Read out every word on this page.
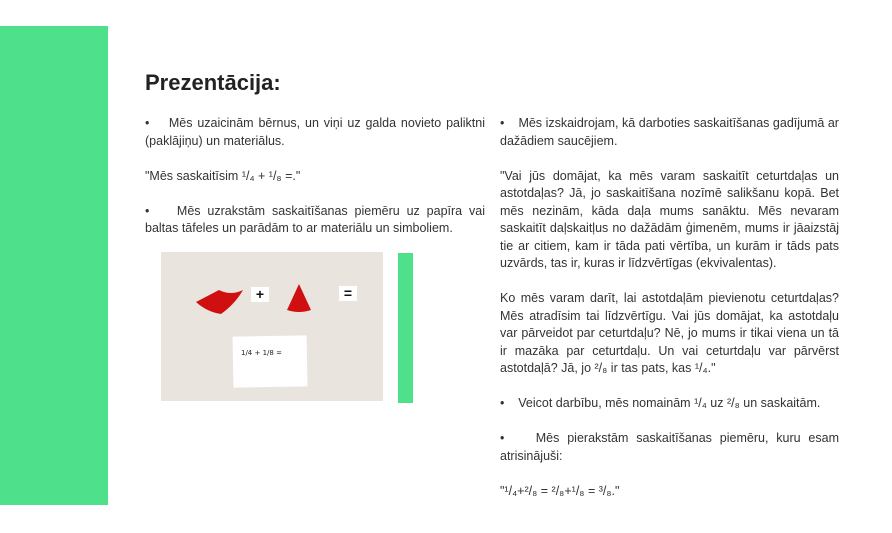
Prezentācija:

•    Mēs uzaicinām bērnus, un viņi uz galda novieto paliktni (paklājiņu) un materiālus.

"Mēs saskaitīsim ¹/₄ + ¹/₈ =."

•    Mēs uzrakstām saskaitīšanas piemēru uz papīra vai baltas tāfeles un parādām to ar materiālu un simboliem.

+	=
1/4 + 1/8 =

•    Mēs izskaidrojam, kā darboties saskaitīšanas gadījumā ar dažādiem saucējiem.

"Vai jūs domājat, ka mēs varam saskaitīt ceturtdaļas un astotdaļas? Jā, jo saskaitīšana nozīmē salikšanu kopā. Bet mēs nezinām, kāda daļa mums sanāktu. Mēs nevaram saskaitīt daļskaitļus no dažādām ģimenēm, mums ir jāaizstāj tie ar citiem, kam ir tāda pati vērtība, un kurām ir tāds pats uzvārds, tas ir, kuras ir līdzvērtīgas (ekvivalentas).

Ko mēs varam darīt, lai astotdaļām pievienotu ceturtdaļas? Mēs atradīsim tai līdzvērtīgu. Vai jūs domājat, ka astotdaļu var pārveidot par ceturtdaļu? Nē, jo mums ir tikai viena un tā ir mazāka par ceturtdaļu. Un vai ceturtdaļu var pārvērst astotdaļā? Jā, jo ²/₈ ir tas pats, kas ¹/₄."

•    Veicot darbību, mēs nomainām ¹/₄ uz ²/₈ un saskaitām.

•    Mēs pierakstām saskaitīšanas piemēru, kuru esam atrisinājuši:

"¹/₄+²/₈ = ²/₈+¹/₈ = ³/₈."
